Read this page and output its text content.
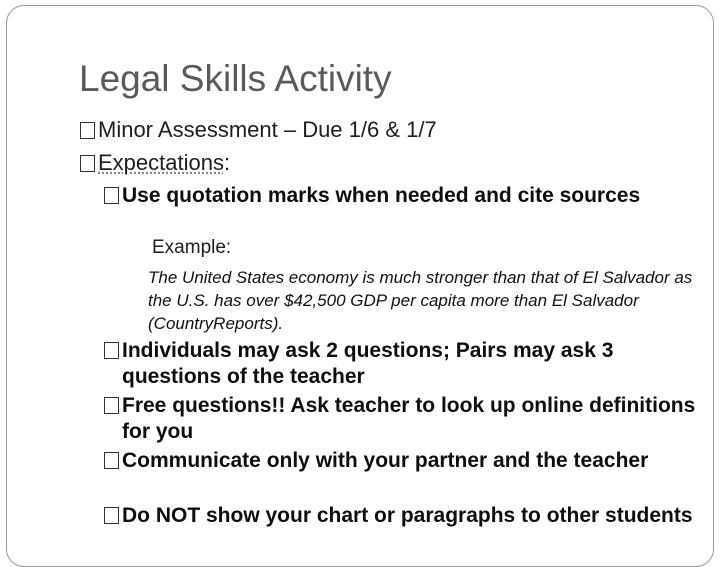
Legal Skills Activity
Minor Assessment – Due 1/6 & 1/7
Expectations:
Use quotation marks when needed and cite sources
Example:
The United States economy is much stronger than that of El Salvador as the U.S. has over $42,500 GDP per capita more than El Salvador (CountryReports).
Individuals may ask 2 questions; Pairs may ask 3 questions of the teacher
Free questions!! Ask teacher to look up online definitions for you
Communicate only with your partner and the teacher
Do NOT show your chart or paragraphs to other students
